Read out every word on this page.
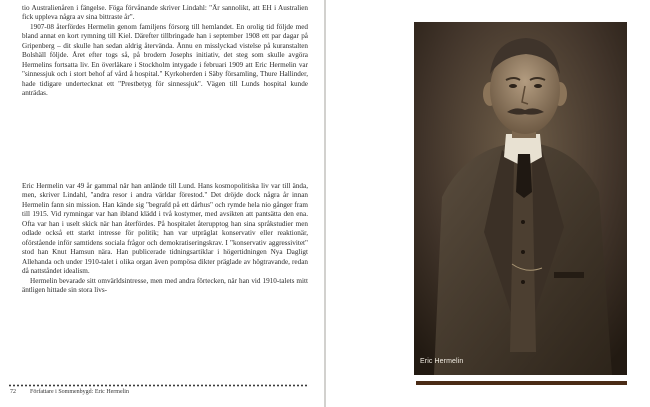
tio Australienåren i fängelse. Föga förvånande skriver Lindahl: "Är sannolikt, att EH i Australien fick uppleva några av sina bittraste år".

1907-08 återfördes Hermelin genom familjens försorg till hemlandet. En orolig tid följde med bland annat en kort rymning till Kiel. Därefter tillbringade han i september 1908 ett par dagar på Gripenberg – dit skulle han sedan aldrig återvända. Ännu en misslyckad vistelse på kuranstalten Bolshäll följde. Året efter togs så, på brodern Josephs initiativ, det steg som skulle avgöra Hermelins fortsatta liv. En överläkare i Stockholm intygade i februari 1909 att Eric Hermelin var "sinnessjuk och i stort behof af vård å hospital." Kyrkoherden i Säby församling, Thure Hallinder, hade tidigare undertecknat ett "Prestbetyg för sinnessjuk". Vägen till Lunds hospital kunde anträdas.

Eric Hermelin var 49 år gammal när han anlände till Lund. Hans kosmopolitiska liv var till ända, men, skriver Lindahl, "andra resor i andra världar förestod." Det dröjde dock några år innan Hermelin fann sin mission. Han kände sig "begrafd på ett dårhus" och rymde hela nio gånger fram till 1915. Vid rymningar var han ibland klädd i två kostymer, med avsikten att pantsätta den ena. Ofta var han i uselt skick när han återfördes. På hospitalet återupptog han sina språkstudier men odlade också ett starkt intresse för politik; han var utpräglat konservativ eller reaktionär, oförstående inför samtidens sociala frågor och demokratiseringskrav. I "konservativ aggressivitet" stod han Knut Hamsun nära. Han publicerade tidningsartiklar i högertidningen Nya Dagligt Allehanda och under 1910-talet i olika organ även pompösa dikter präglade av högtravande, redan då nattståndet idealism.

Hermelin bevarade sitt omvärldsintresse, men med andra förtecken, när han vid 1910-talets mitt äntligen hittade sin stora livs-

72 Författare i Sommenbygd: Eric Hermelin
Eric Hermelin
